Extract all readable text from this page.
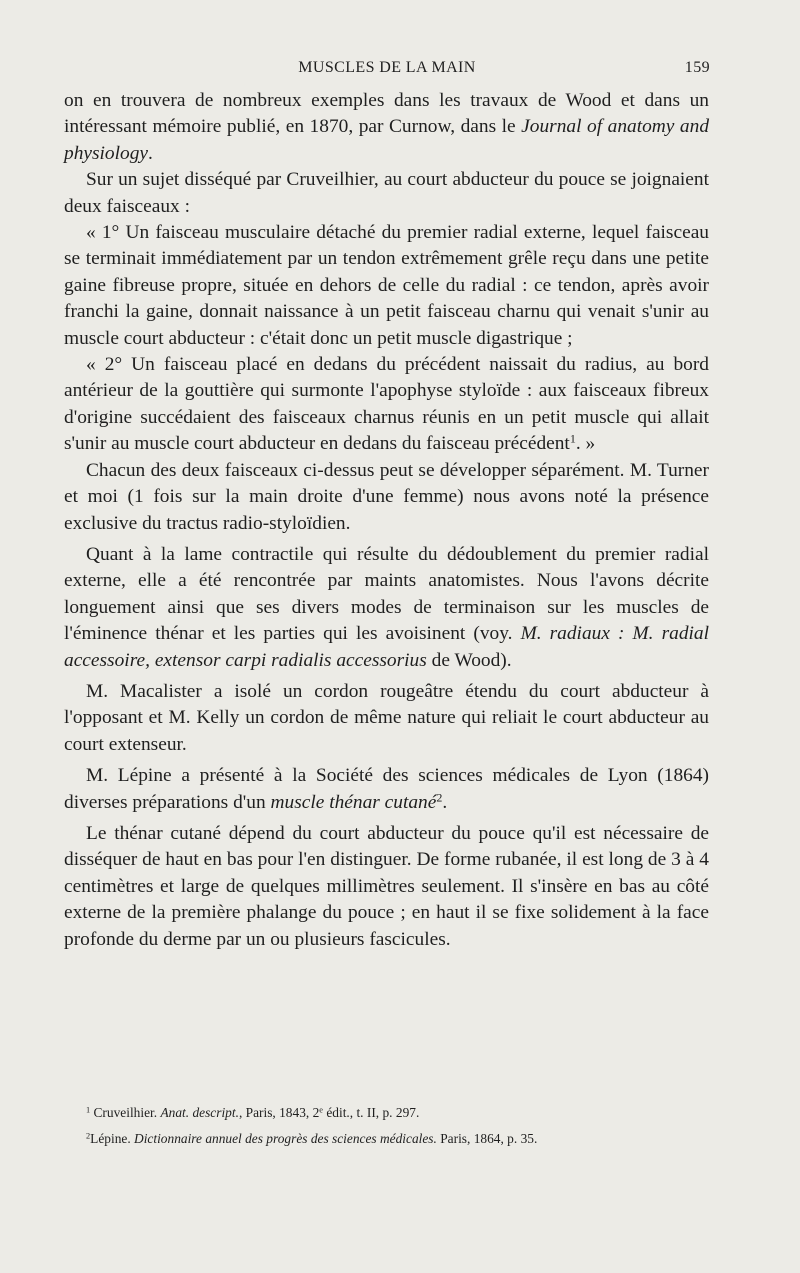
MUSCLES DE LA MAIN	159

on en trouvera de nombreux exemples dans les travaux de Wood et dans un intéressant mémoire publié, en 1870, par Curnow, dans le Journal of anatomy and physiology.

Sur un sujet disséqué par Cruveilhier, au court abducteur du pouce se joignaient deux faisceaux :

« 1° Un faisceau musculaire détaché du premier radial externe, lequel faisceau se terminait immédiatement par un tendon extrêmement grêle reçu dans une petite gaine fibreuse propre, située en dehors de celle du radial : ce tendon, après avoir franchi la gaine, donnait naissance à un petit faisceau charnu qui venait s'unir au muscle court abducteur : c'était donc un petit muscle digastrique ;

« 2° Un faisceau placé en dedans du précédent naissait du radius, au bord antérieur de la gouttière qui surmonte l'apophyse styloïde : aux faisceaux fibreux d'origine succédaient des faisceaux charnus réunis en un petit muscle qui allait s'unir au muscle court abducteur en dedans du faisceau précédent$^1$. »

Chacun des deux faisceaux ci-dessus peut se développer séparément. M. Turner et moi (1 fois sur la main droite d'une femme) nous avons noté la présence exclusive du tractus radio-styloïdien.

Quant à la lame contractile qui résulte du dédoublement du premier radial externe, elle a été rencontrée par maints anatomistes. Nous l'avons décrite longuement ainsi que ses divers modes de terminaison sur les muscles de l'éminence thénar et les parties qui les avoisinent (voy. M. radiaux : M. radial accessoire, extensor carpi radialis accessorius de Wood).

M. Macalister a isolé un cordon rougeâtre étendu du court abducteur à l'opposant et M. Kelly un cordon de même nature qui reliait le court abducteur au court extenseur.

M. Lépine a présenté à la Société des sciences médicales de Lyon (1864) diverses préparations d'un muscle thénar cutané$^2$.

Le thénar cutané dépend du court abducteur du pouce qu'il est nécessaire de disséquer de haut en bas pour l'en distinguer. De forme rubanée, il est long de 3 à 4 centimètres et large de quelques millimètres seulement. Il s'insère en bas au côté externe de la première phalange du pouce ; en haut il se fixe solidement à la face profonde du derme par un ou plusieurs fascicules.

$^1$ Cruveilhier. Anat. descript., Paris, 1843, 2e édit., t. II, p. 297.

$^2$Lépine. Dictionnaire annuel des progrès des sciences médicales. Paris, 1864, p. 35.
